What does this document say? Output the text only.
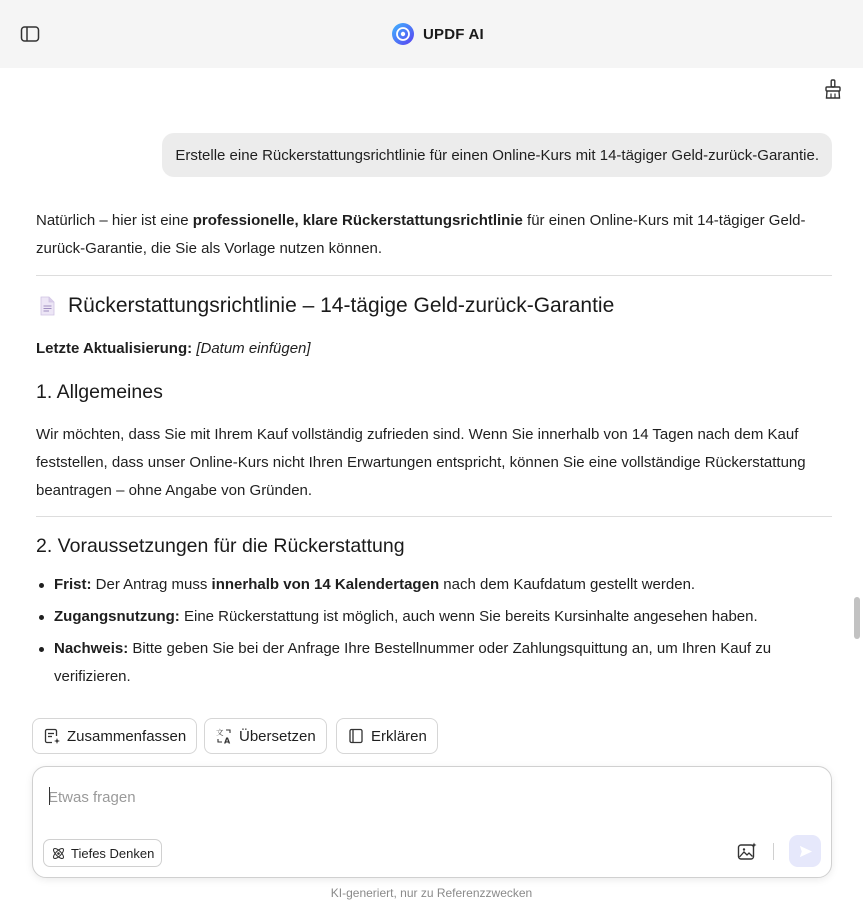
UPDF AI
Erstelle eine Rückerstattungsrichtlinie für einen Online-Kurs mit 14-tägiger Geld-zurück-Garantie.

Natürlich – hier ist eine professionelle, klare Rückerstattungsrichtlinie für einen Online-Kurs mit 14-tägiger Geld-zurück-Garantie, die Sie als Vorlage nutzen können.

Rückerstattungsrichtlinie – 14-tägige Geld-zurück-Garantie

Letzte Aktualisierung: [Datum einfügen]

1. Allgemeines

Wir möchten, dass Sie mit Ihrem Kauf vollständig zufrieden sind. Wenn Sie innerhalb von 14 Tagen nach dem Kauf feststellen, dass unser Online-Kurs nicht Ihren Erwartungen entspricht, können Sie eine vollständige Rückerstattung beantragen – ohne Angabe von Gründen.

2. Voraussetzungen für die Rückerstattung
Frist: Der Antrag muss innerhalb von 14 Kalendertagen nach dem Kaufdatum gestellt werden.
Zugangsnutzung: Eine Rückerstattung ist möglich, auch wenn Sie bereits Kursinhalte angesehen haben.
Nachweis: Bitte geben Sie bei der Anfrage Ihre Bestellnummer oder Zahlungsquittung an, um Ihren Kauf zu verifizieren.
Zusammenfassen	文
A Übersetzen	Erklären
Etwas fragen
Tiefes Denken
KI-generiert, nur zu Referenzzwecken
